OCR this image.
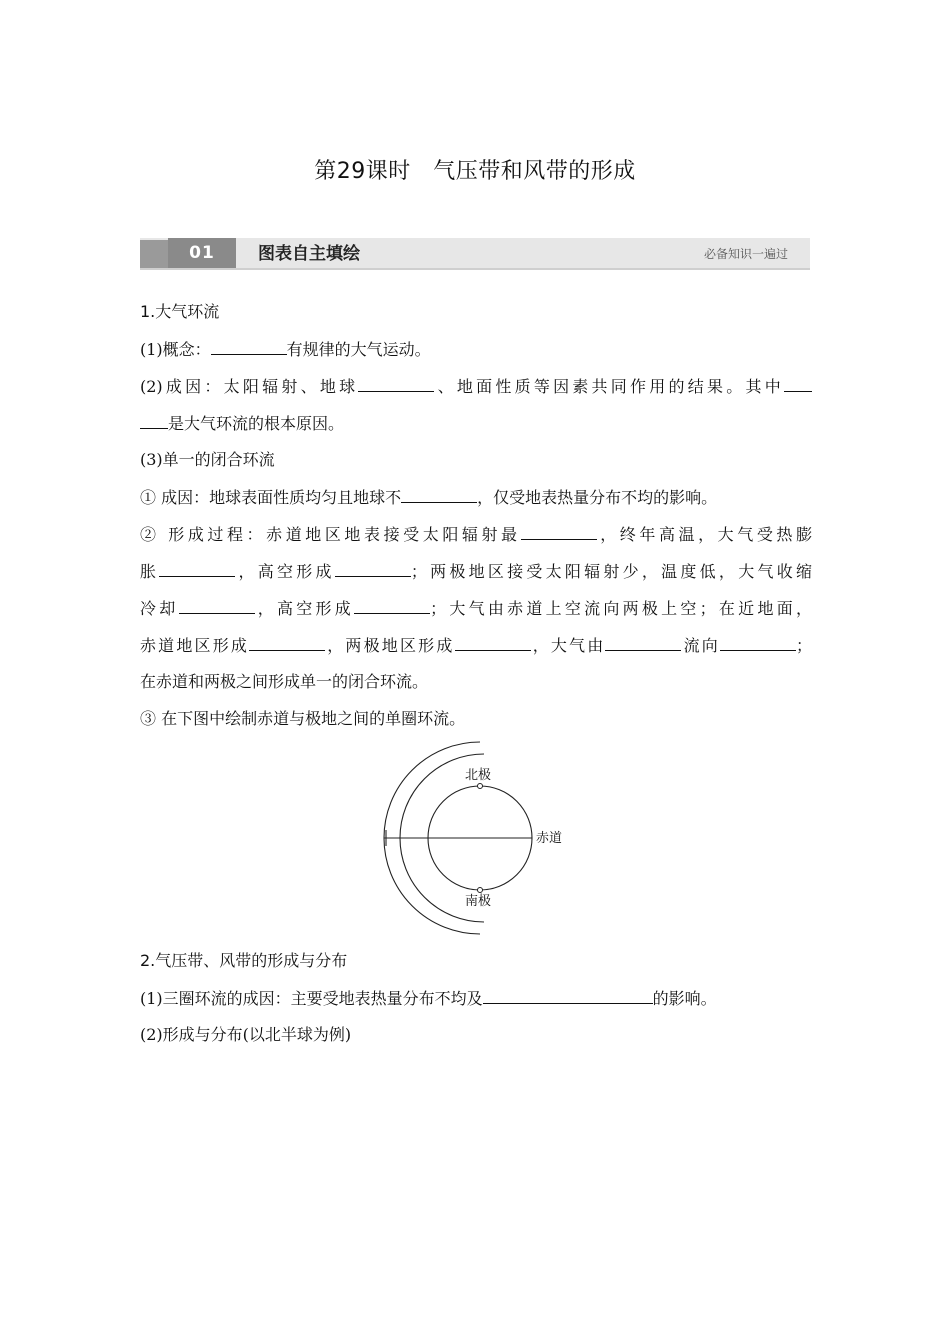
第29课时　气压带和风带的形成
01	图表自主填绘	必备知识一遍过
1.大气环流
(1)概念：	有规律的大气运动。
(2)成因：太阳辐射、地球	、地面性质等因素共同作用的结果。其中
是大气环流的根本原因。
(3)单一的闭合环流
① 成因：地球表面性质均匀且地球不	，仅受地表热量分布不均的影响。
② 形成过程：赤道地区地表接受太阳辐射最	，终年高温，大气受热膨
胀	，高空形成	；两极地区接受太阳辐射少，温度低，大气收缩
冷却	，高空形成	；大气由赤道上空流向两极上空；在近地面，
赤道地区形成	，两极地区形成	，大气由	流向	；
在赤道和两极之间形成单一的闭合环流。
③ 在下图中绘制赤道与极地之间的单圈环流。
北极
南极
赤道
2.气压带、风带的形成与分布
(1)三圈环流的成因：主要受地表热量分布不均及	的影响。
(2)形成与分布(以北半球为例)
